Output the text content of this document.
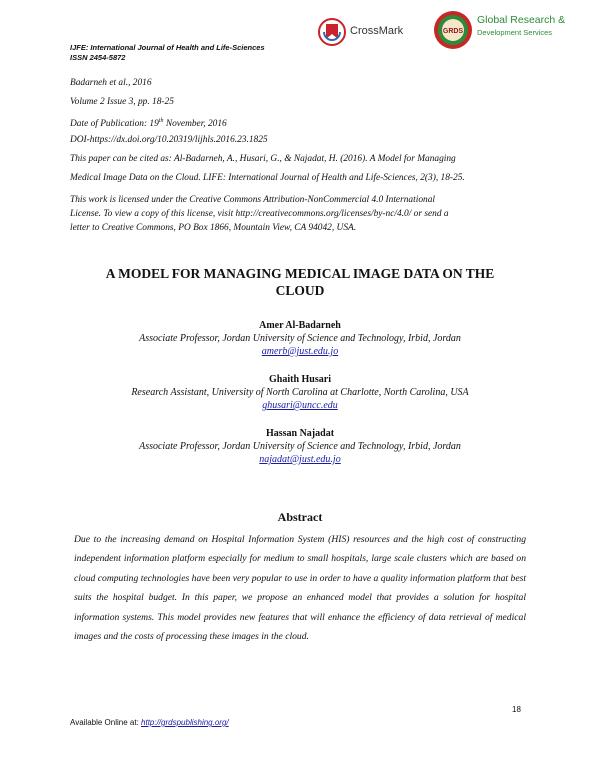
IJFE: International Journal of Health and Life-Sciences
ISSN 2454-5872
CrossMark	GRDS
Global Research &
Development Services
Badarneh et al., 2016
Volume 2 Issue 3, pp. 18-25
Date of Publication: 19th November, 2016
DOI-https://dx.doi.org/10.20319/lijhls.2016.23.1825
This paper can be cited as: Al-Badarneh, A., Husari, G., & Najadat, H. (2016). A Model for Managing
Medical Image Data on the Cloud. LIFE: International Journal of Health and Life-Sciences, 2(3), 18-25.
This work is licensed under the Creative Commons Attribution-NonCommercial 4.0 International
License. To view a copy of this license, visit http://creativecommons.org/licenses/by-nc/4.0/ or send a
letter to Creative Commons, PO Box 1866, Mountain View, CA 94042, USA.
A MODEL FOR MANAGING MEDICAL IMAGE DATA ON THE
CLOUD
Amer Al-Badarneh
Associate Professor, Jordan University of Science and Technology, Irbid, Jordan
amerb@just.edu.jo
Ghaith Husari
Research Assistant, University of North Carolina at Charlotte, North Carolina, USA
ghusari@uncc.edu
Hassan Najadat
Associate Professor, Jordan University of Science and Technology, Irbid, Jordan
najadat@just.edu.jo
Abstract
Due to the increasing demand on Hospital Information System (HIS) resources and the high cost of constructing independent information platform especially for medium to small hospitals, large scale clusters which are based on cloud computing technologies have been very popular to use in order to have a quality information platform that best suits the hospital budget. In this paper, we propose an enhanced model that provides a solution for hospital information systems. This model provides new features that will enhance the efficiency of data retrieval of medical images and the costs of processing these images in the cloud.
18
Available Online at: http://grdspublishing.org/
